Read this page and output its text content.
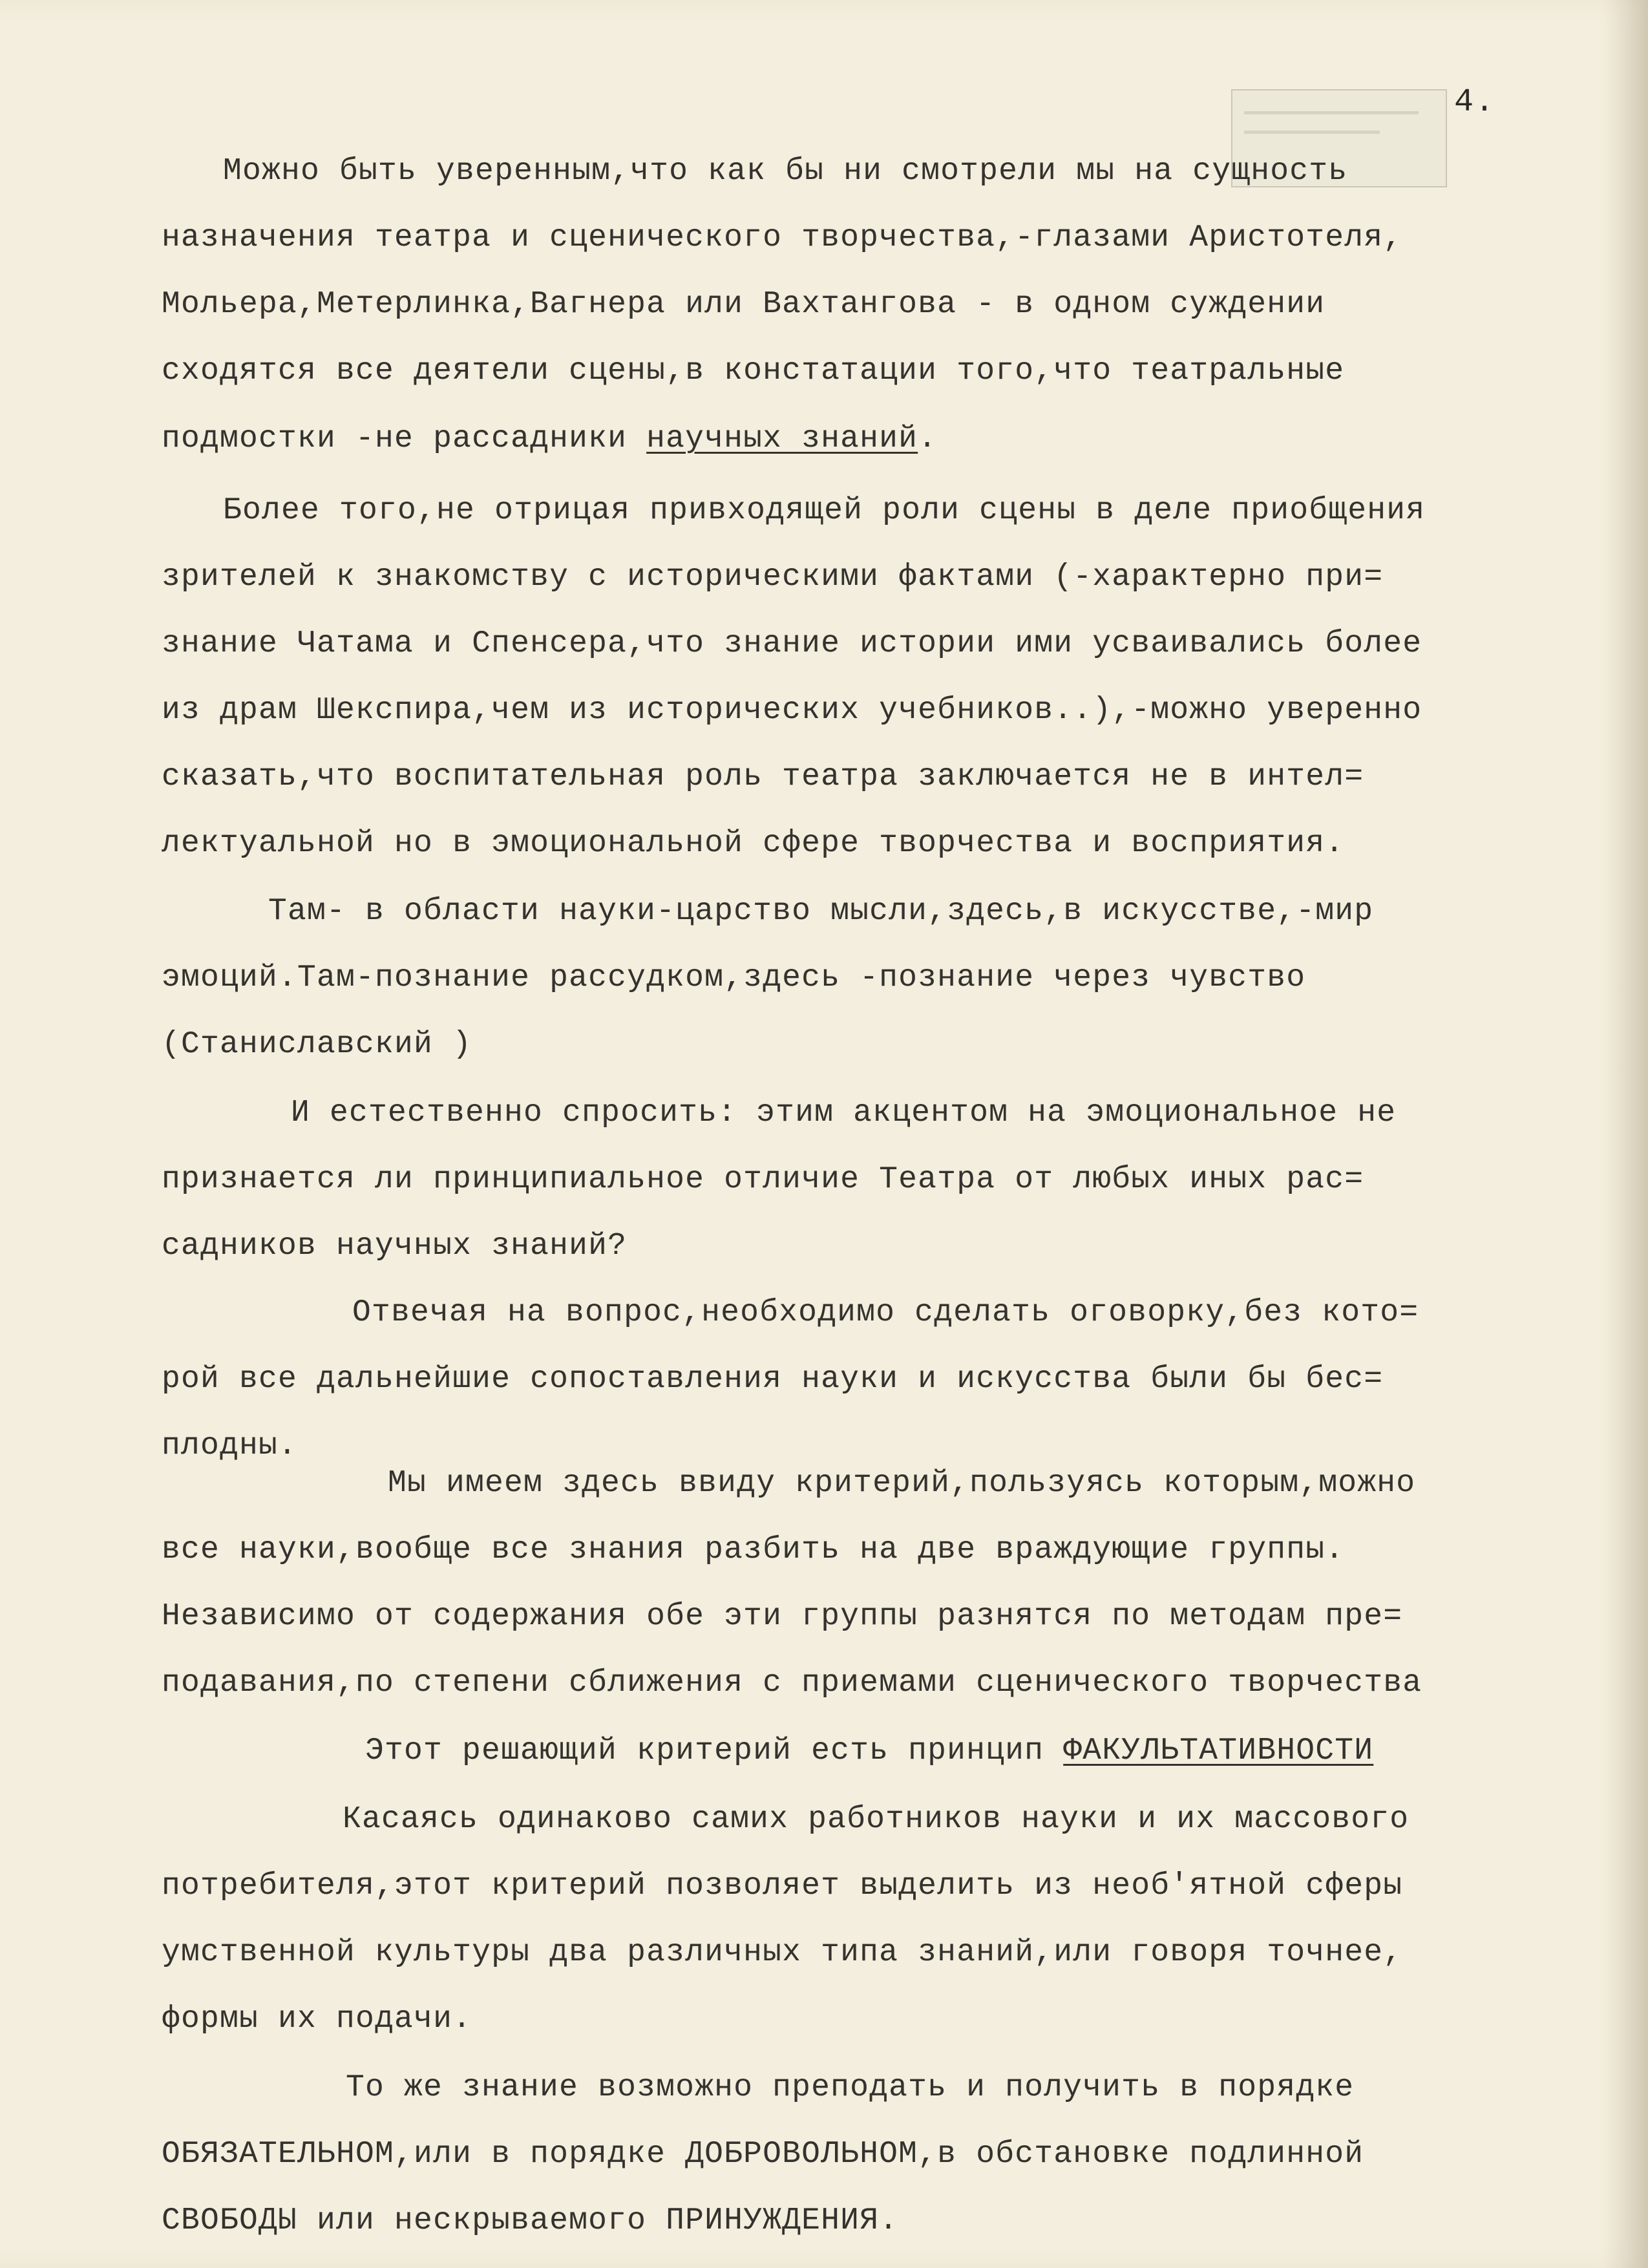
4.
Можно быть уверенным,что как бы ни смотрели мы на сущность
назначения театра и сценического творчества,-глазами Аристотеля,
Мольера,Метерлинка,Вагнера или Вахтангова - в одном суждении
сходятся все деятели сцены,в констатации того,что театральные
подмостки -не рассадники научных знаний.
Более того,не отрицая привходящей роли сцены в деле приобщения
зрителей к знакомству с историческими фактами (-характерно при=
знание Чатама и Спенсера,что знание истории ими усваивались более
из драм Шекспира,чем из исторических учебников..),-можно уверенно
сказать,что воспитательная роль театра заключается не в интел=
лектуальной но в эмоциональной сфере творчества и восприятия.
Там- в области науки-царство мысли,здесь,в искусстве,-мир
эмоций.Там-познание рассудком,здесь -познание через чувство
(Станиславский )
И естественно спросить: этим акцентом на эмоциональное не
признается ли принципиальное отличие Театра от любых иных рас=
садников научных знаний?
Отвечая на вопрос,необходимо сделать оговорку,без кото=
рой все дальнейшие сопоставления науки и искусства были бы бес=
плодны.
Мы имеем здесь ввиду критерий,пользуясь которым,можно
все науки,вообще все знания разбить на две враждующие группы.
Независимо от содержания обе эти группы разнятся по методам пре=
подавания,по степени сближения с приемами сценического творчества
Этот решающий критерий есть принцип ФАКУЛЬТАТИВНОСТИ
Касаясь одинаково самих работников науки и их массового
потребителя,этот критерий позволяет выделить из необ'ятной сферы
умственной культуры два различных типа знаний,или говоря точнее,
формы их подачи.
То же знание возможно преподать и получить в порядке
ОБЯЗАТЕЛЬНОМ,или в порядке ДОБРОВОЛЬНОМ,в обстановке подлинной
СВОБОДЫ или нескрываемого ПРИНУЖДЕНИЯ.
